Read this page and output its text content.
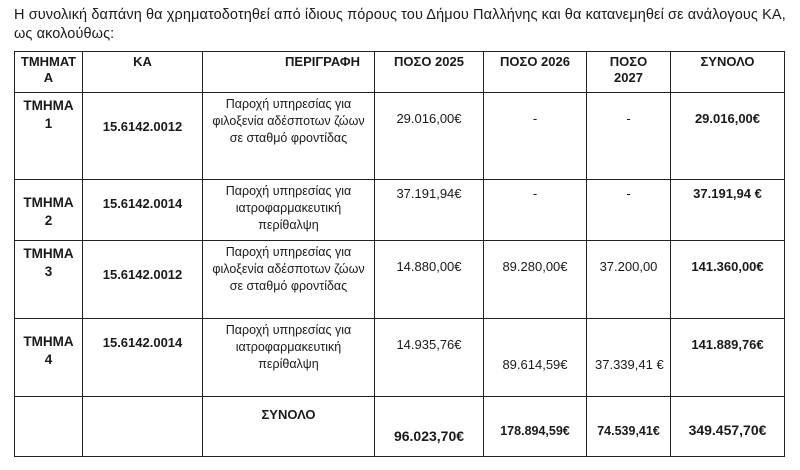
Η συνολική δαπάνη θα χρηματοδοτηθεί από ίδιους πόρους του Δήμου Παλλήνης και θα κατανεμηθεί σε ανάλογους ΚΑ, ως ακολούθως:
ΤΜΗΜΑΤΑ	ΚΑ	ΠΕΡΙΓΡΑΦΗ	ΠΟΣΟ 2025	ΠΟΣΟ 2026	ΠΟΣΟ 2027	ΣΥΝΟΛΟ
ΤΜΗΜΑ 1	15.6142.0012	Παροχή υπηρεσίας για φιλοξενία αδέσποτων ζώων σε σταθμό φροντίδας	29.016,00€	-	-	29.016,00€
ΤΜΗΜΑ 2	15.6142.0014	Παροχή υπηρεσίας για ιατροφαρμακευτική περίθαλψη	37.191,94€	-	-	37.191,94 €
ΤΜΗΜΑ 3	15.6142.0012	Παροχή υπηρεσίας για φιλοξενία αδέσποτων ζώων σε σταθμό φροντίδας	14.880,00€	89.280,00€	37.200,00	141.360,00€
ΤΜΗΜΑ 4	15.6142.0014	Παροχή υπηρεσίας για ιατροφαρμακευτική περίθαλψη	14.935,76€	89.614,59€	37.339,41 €	141.889,76€
		ΣΥΝΟΛΟ	96.023,70€	178.894,59€	74.539,41€	349.457,70€
